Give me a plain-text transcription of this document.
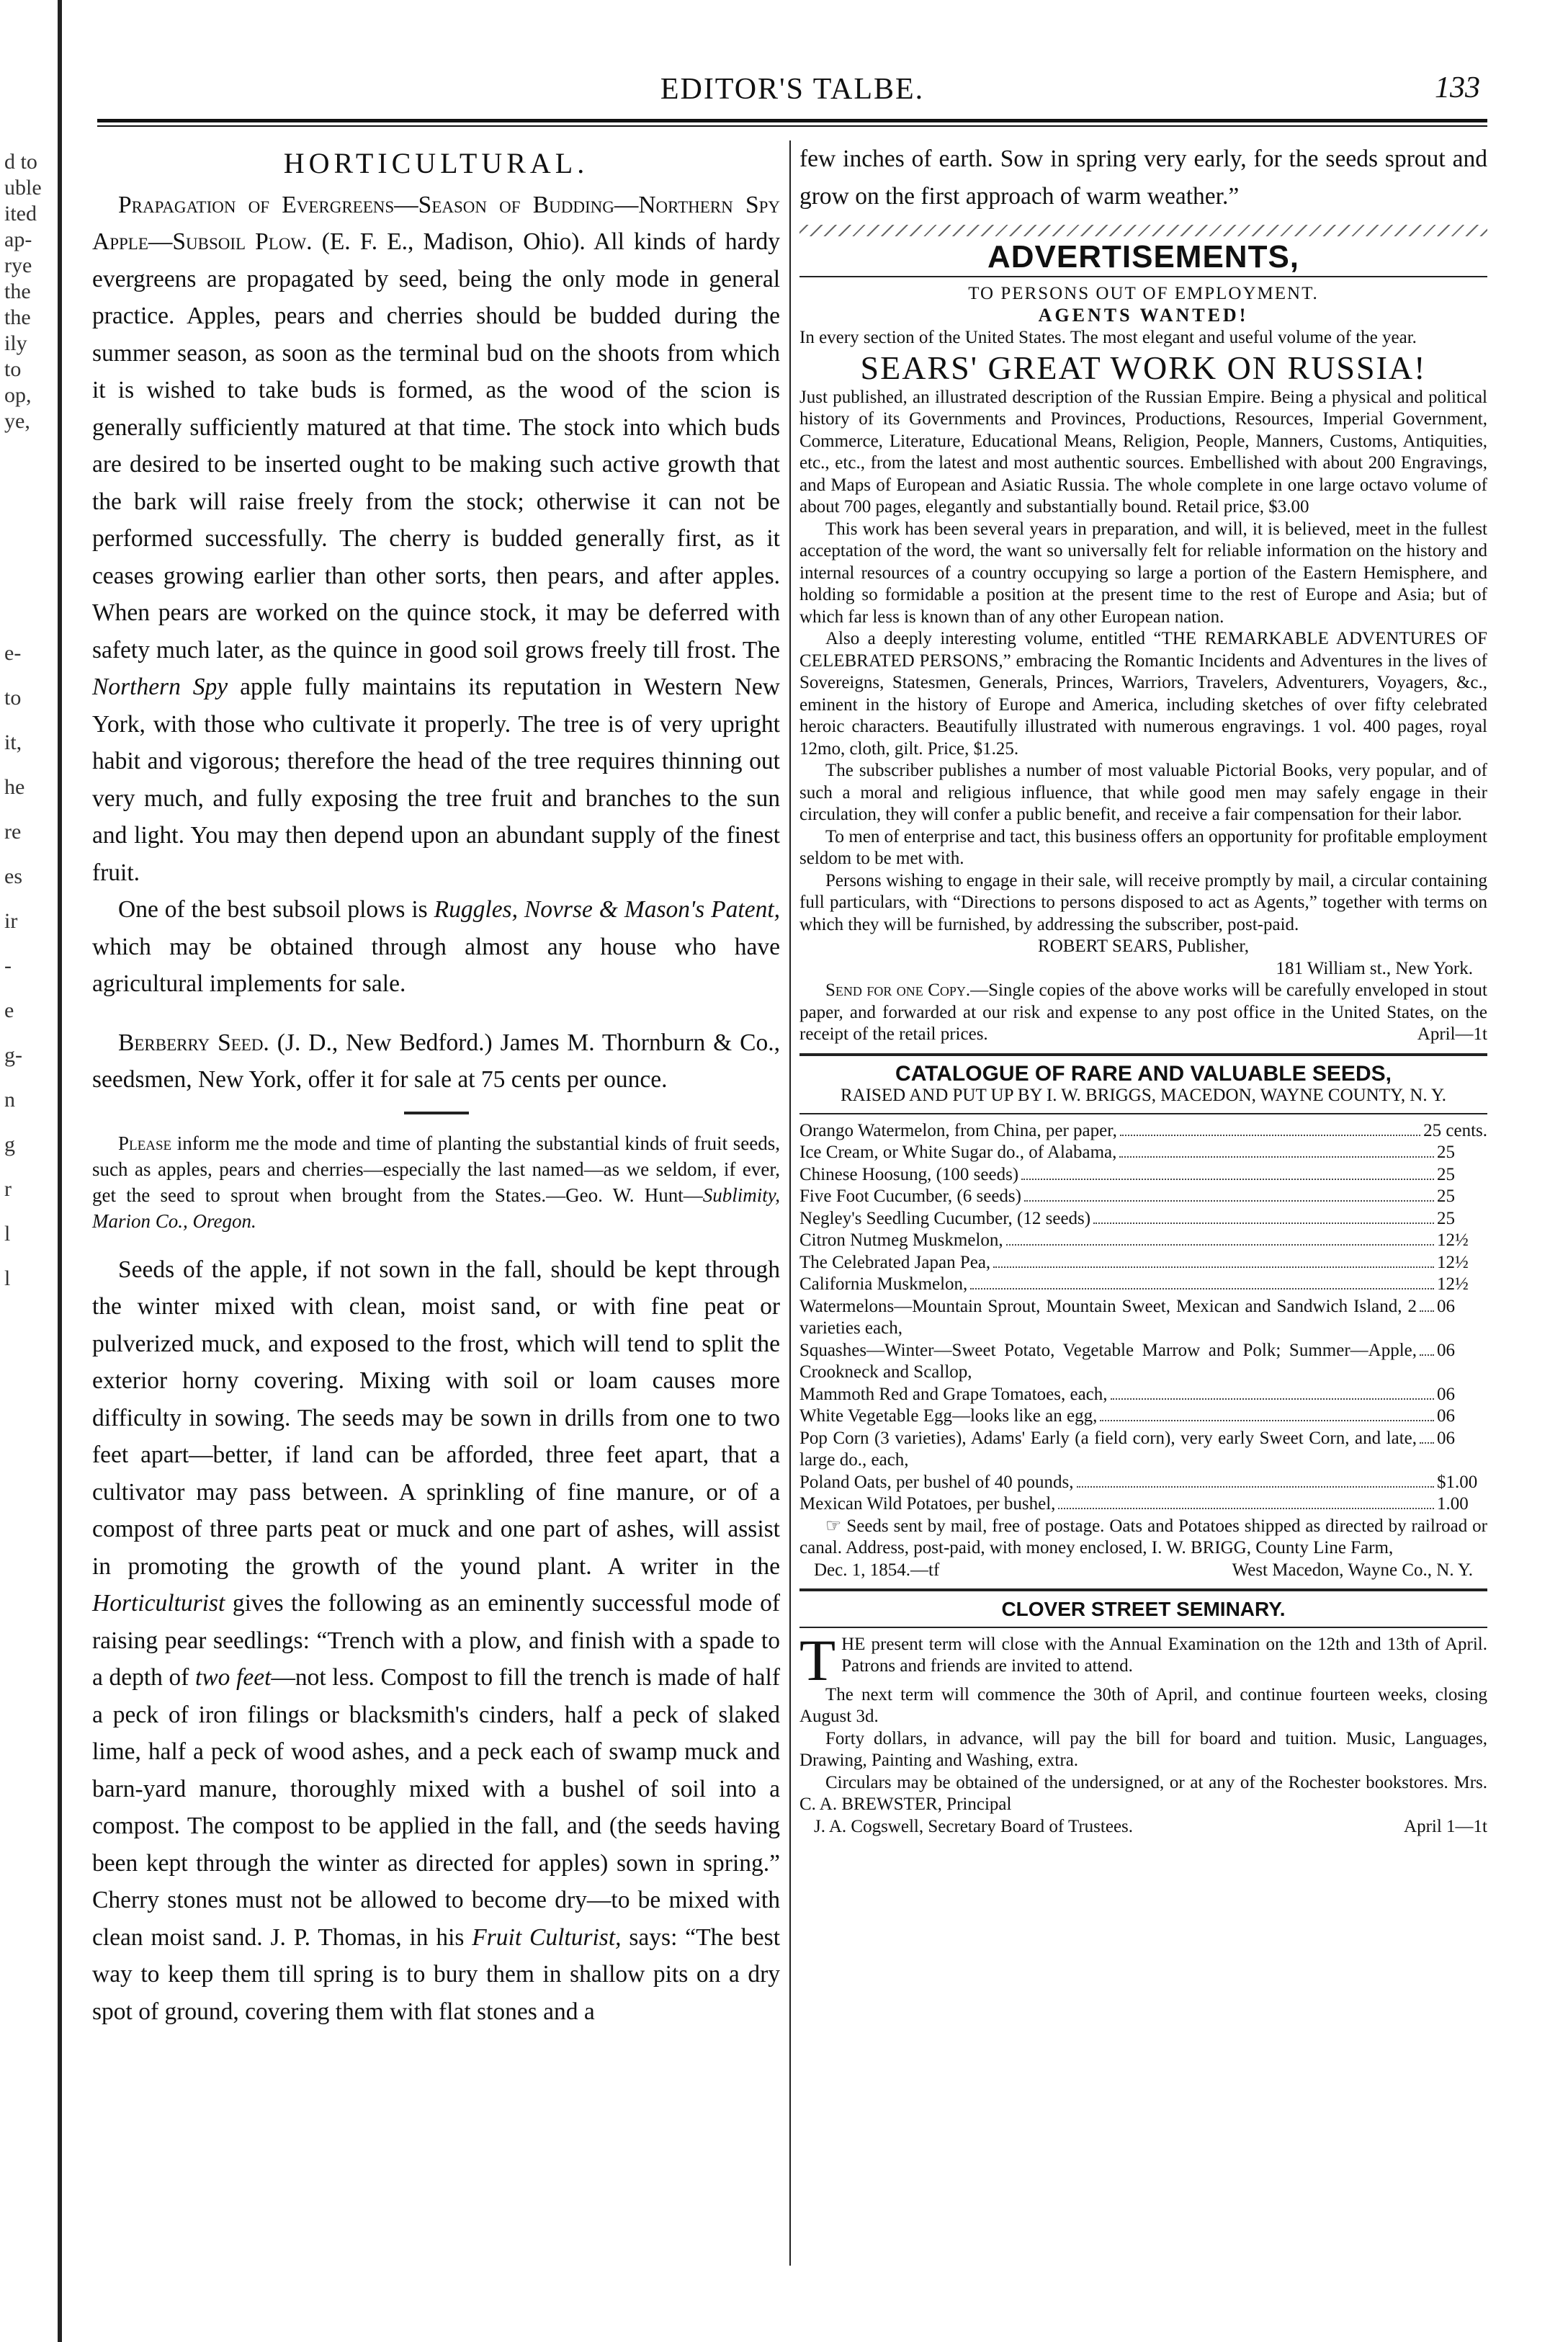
d to
uble
ited
ap-
rye
the
the
ily
to
op,
ye,
e-
to
it,
he
re
es
ir
-
e
g-
n
g
r
l
l
EDITOR'S TALBE.	133
HORTICULTURAL.

Prapagation of Evergreens—Season of Budding—Northern Spy Apple—Subsoil Plow. (E. F. E., Madison, Ohio). All kinds of hardy evergreens are propagated by seed, being the only mode in general practice. Apples, pears and cherries should be budded during the summer season, as soon as the terminal bud on the shoots from which it is wished to take buds is formed, as the wood of the scion is generally sufficiently matured at that time. The stock into which buds are desired to be inserted ought to be making such active growth that the bark will raise freely from the stock; otherwise it can not be performed successfully. The cherry is budded generally first, as it ceases growing earlier than other sorts, then pears, and after apples. When pears are worked on the quince stock, it may be deferred with safety much later, as the quince in good soil grows freely till frost. The Northern Spy apple fully maintains its reputation in Western New York, with those who cultivate it properly. The tree is of very upright habit and vigorous; therefore the head of the tree requires thinning out very much, and fully exposing the tree fruit and branches to the sun and light. You may then depend upon an abundant supply of the finest fruit.

One of the best subsoil plows is Ruggles, Novrse & Mason's Patent, which may be obtained through almost any house who have agricultural implements for sale.

Berberry Seed. (J. D., New Bedford.) James M. Thornburn & Co., seedsmen, New York, offer it for sale at 75 cents per ounce.

Please inform me the mode and time of planting the substantial kinds of fruit seeds, such as apples, pears and cherries—especially the last named—as we seldom, if ever, get the seed to sprout when brought from the States.—Geo. W. Hunt—Sublimity, Marion Co., Oregon.

Seeds of the apple, if not sown in the fall, should be kept through the winter mixed with clean, moist sand, or with fine peat or pulverized muck, and exposed to the frost, which will tend to split the exterior horny covering. Mixing with soil or loam causes more difficulty in sowing. The seeds may be sown in drills from one to two feet apart—better, if land can be afforded, three feet apart, that a cultivator may pass between. A sprinkling of fine manure, or of a compost of three parts peat or muck and one part of ashes, will assist in promoting the growth of the yound plant. A writer in the Horticulturist gives the following as an eminently successful mode of raising pear seedlings: “Trench with a plow, and finish with a spade to a depth of two feet—not less. Compost to fill the trench is made of half a peck of iron filings or blacksmith's cinders, half a peck of slaked lime, half a peck of wood ashes, and a peck each of swamp muck and barn-yard manure, thoroughly mixed with a bushel of soil into a compost. The compost to be applied in the fall, and (the seeds having been kept through the winter as directed for apples) sown in spring.” Cherry stones must not be allowed to become dry—to be mixed with clean moist sand. J. P. Thomas, in his Fruit Culturist, says: “The best way to keep them till spring is to bury them in shallow pits on a dry spot of ground, covering them with flat stones and a

few inches of earth. Sow in spring very early, for the seeds sprout and grow on the first approach of warm weather.”

ADVERTISEMENTS,
TO PERSONS OUT OF EMPLOYMENT.
AGENTS WANTED!

In every section of the United States. The most elegant and useful volume of the year.

SEARS' GREAT WORK ON RUSSIA!

Just published, an illustrated description of the Russian Empire. Being a physical and political history of its Governments and Provinces, Productions, Resources, Imperial Government, Commerce, Literature, Educational Means, Religion, People, Manners, Customs, Antiquities, etc., etc., from the latest and most authentic sources. Embellished with about 200 Engravings, and Maps of European and Asiatic Russia. The whole complete in one large octavo volume of about 700 pages, elegantly and substantially bound. Retail price, $3.00

This work has been several years in preparation, and will, it is believed, meet in the fullest acceptation of the word, the want so universally felt for reliable information on the history and internal resources of a country occupying so large a portion of the Eastern Hemisphere, and holding so formidable a position at the present time to the rest of Europe and Asia; but of which far less is known than of any other European nation.

Also a deeply interesting volume, entitled “THE REMARKABLE ADVENTURES OF CELEBRATED PERSONS,” embracing the Romantic Incidents and Adventures in the lives of Sovereigns, Statesmen, Generals, Princes, Warriors, Travelers, Adventurers, Voyagers, &c., eminent in the history of Europe and America, including sketches of over fifty celebrated heroic characters. Beautifully illustrated with numerous engravings. 1 vol. 400 pages, royal 12mo, cloth, gilt. Price, $1.25.

The subscriber publishes a number of most valuable Pictorial Books, very popular, and of such a moral and religious influence, that while good men may safely engage in their circulation, they will confer a public benefit, and receive a fair compensation for their labor.

To men of enterprise and tact, this business offers an opportunity for profitable employment seldom to be met with.

Persons wishing to engage in their sale, will receive promptly by mail, a circular containing full particulars, with “Directions to persons disposed to act as Agents,” together with terms on which they will be furnished, by addressing the subscriber, post-paid.

ROBERT SEARS, Publisher,
181 William st., New York.

Send for one Copy.—Single copies of the above works will be carefully enveloped in stout paper, and forwarded at our risk and expense to any post office in the United States, on the receipt of the retail prices.	April—1t

CATALOGUE OF RARE AND VALUABLE SEEDS,
RAISED AND PUT UP BY I. W. BRIGGS, MACEDON, WAYNE COUNTY, N. Y.
Orango Watermelon, from China, per paper,	25 cents.
Ice Cream, or White Sugar do., of Alabama,	25
Chinese Hoosung, (100 seeds)	25
Five Foot Cucumber, (6 seeds)	25
Negley's Seedling Cucumber, (12 seeds)	25
Citron Nutmeg Muskmelon,	12½
The Celebrated Japan Pea,	12½
California Muskmelon,	12½
Watermelons—Mountain Sprout, Mountain Sweet, Mexican and Sandwich Island, 2 varieties each,
06
Squashes—Winter—Sweet Potato, Vegetable Marrow and Polk; Summer—Apple, Crookneck and Scallop,
06
Mammoth Red and Grape Tomatoes, each,	06
White Vegetable Egg—looks like an egg,	06
Pop Corn (3 varieties), Adams' Early (a field corn), very early Sweet Corn, and late, large do., each,
06
Poland Oats, per bushel of 40 pounds,	$1.00
Mexican Wild Potatoes, per bushel,	1.00

☞ Seeds sent by mail, free of postage. Oats and Potatoes shipped as directed by railroad or canal. Address, post-paid, with money enclosed, I. W. BRIGG, County Line Farm,

Dec. 1, 1854.—tf	West Macedon, Wayne Co., N. Y.
CLOVER STREET SEMINARY.

THE present term will close with the Annual Examination on the 12th and 13th of April. Patrons and friends are invited to attend.

The next term will commence the 30th of April, and continue fourteen weeks, closing August 3d.

Forty dollars, in advance, will pay the bill for board and tuition. Music, Languages, Drawing, Painting and Washing, extra.

Circulars may be obtained of the undersigned, or at any of the Rochester bookstores. Mrs. C. A. BREWSTER, Principal

J. A. Cogswell, Secretary Board of Trustees.	April 1—1t
